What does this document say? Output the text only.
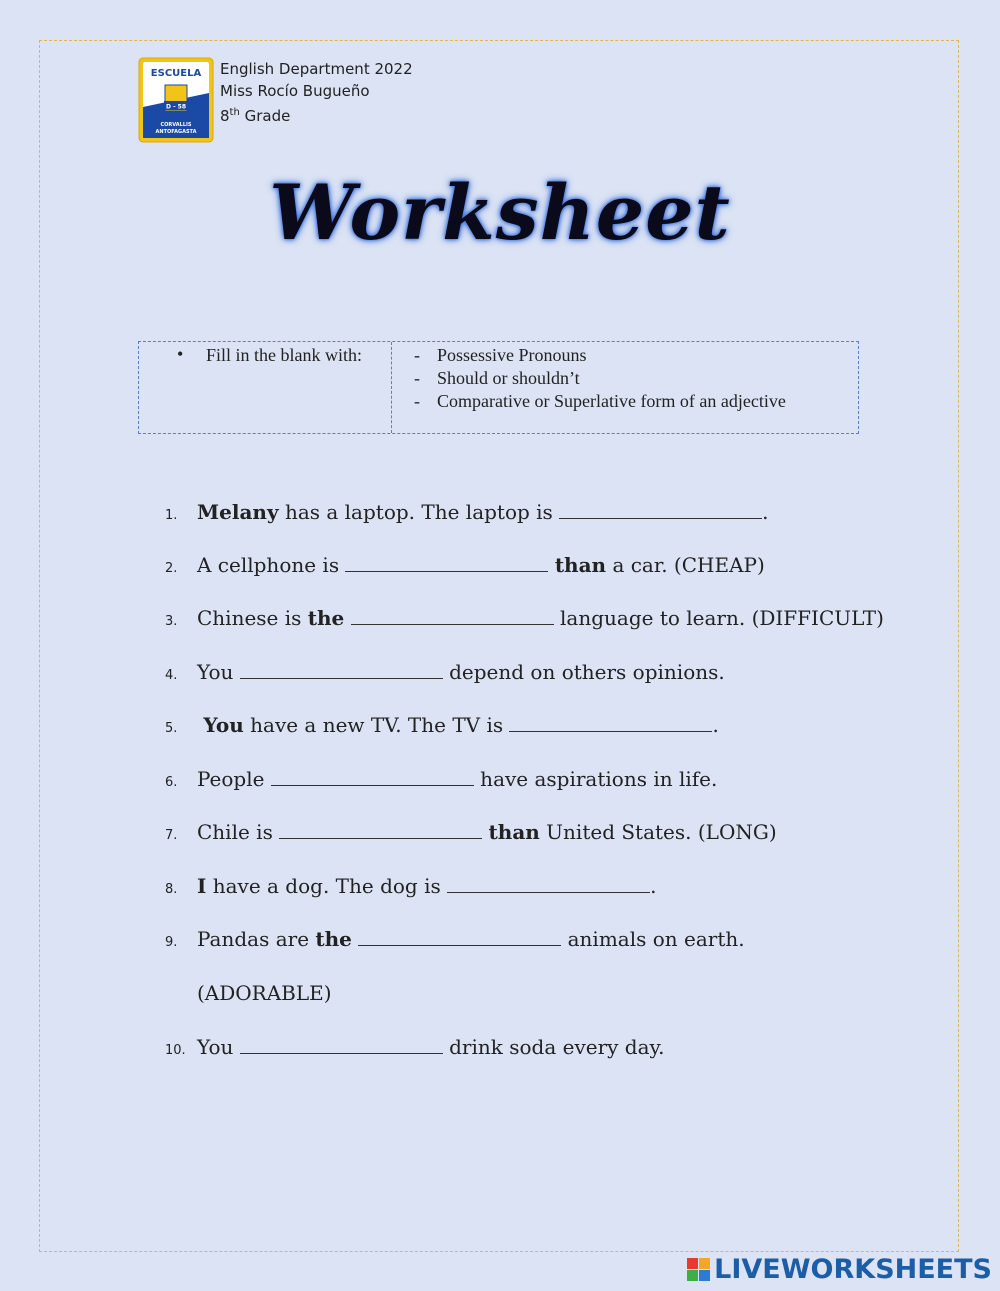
ESCUELA
D - 58
CORVALLIS
ANTOFAGASTA
English Department 2022
Miss Rocío Bugueño
8th Grade
Worksheet
• Fill in the blank with:	- Possessive Pronouns
- Should or shouldn’t
- Comparative or Superlative form of an adjective
1. Melany has a laptop. The laptop is	.
2. A cellphone is	than a car. (CHEAP)
3. Chinese is the	language to learn. (DIFFICULT)
4. You	depend on others opinions.
5. You have a new TV. The TV is	.
6. People	have aspirations in life.
7. Chile is	than United States. (LONG)
8. I have a dog. The dog is	.
9. Pandas are the	animals on earth.
(ADORABLE)
10. You	drink soda every day.
LIVEWORKSHEETS
